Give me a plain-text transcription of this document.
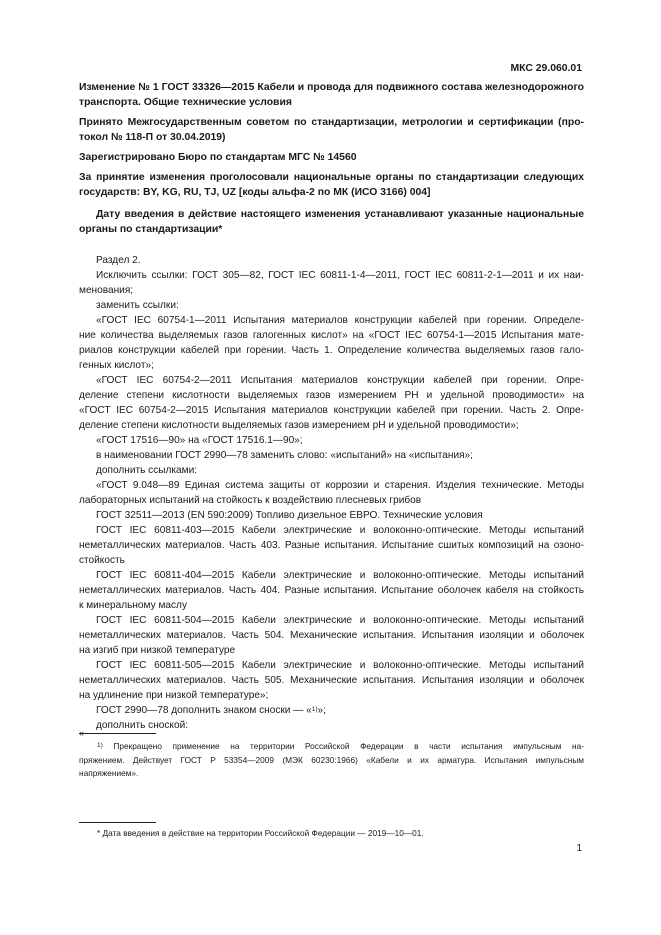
МКС 29.060.01
Изменение № 1 ГОСТ 33326—2015 Кабели и провода для подвижного состава железнодорожного
транспорта. Общие технические условия
Принято Межгосударственным советом по стандартизации, метрологии и сертификации (про-
токол № 118-П от 30.04.2019)
Зарегистрировано Бюро по стандартам МГС № 14560
За принятие изменения проголосовали национальные органы по стандартизации следующих
государств: BY, KG, RU, TJ, UZ [коды альфа-2 по МК (ИСО 3166) 004]
Дату введения в действие настоящего изменения устанавливают указанные национальные
органы по стандартизации*
Раздел 2.
Исключить ссылки: ГОСТ 305—82, ГОСТ IEC 60811-1-4—2011, ГОСТ IEC 60811-2-1—2011 и их наи-
менования;
заменить ссылки:
«ГОСТ IEC 60754-1—2011 Испытания материалов конструкции кабелей при горении. Определе-
ние количества выделяемых газов галогенных кислот» на «ГОСТ IEC 60754-1—2015 Испытания мате-
риалов конструкции кабелей при горении. Часть 1. Определение количества выделяемых газов гало-
генных кислот»;
«ГОСТ IEC 60754-2—2011 Испытания материалов конструкции кабелей при горении. Опре-
деление степени кислотности выделяемых газов измерением PH и удельной проводимости» на
«ГОСТ IEC 60754-2—2015 Испытания материалов конструкции кабелей при горении. Часть 2. Опре-
деление степени кислотности выделяемых газов измерением pH и удельной проводимости»;
«ГОСТ 17516—90» на «ГОСТ 17516.1—90»;
в наименовании ГОСТ 2990—78 заменить слово: «испытаний» на «испытания»;
дополнить ссылками:
«ГОСТ 9.048—89 Единая система защиты от коррозии и старения. Изделия технические. Методы
лабораторных испытаний на стойкость к воздействию плесневых грибов
ГОСТ 32511—2013 (EN 590:2009) Топливо дизельное ЕВРО. Технические условия
ГОСТ IEC 60811-403—2015 Кабели электрические и волоконно-оптические. Методы испытаний
неметаллических материалов. Часть 403. Разные испытания. Испытание сшитых композиций на озоно-
стойкость
ГОСТ IEC 60811-404—2015 Кабели электрические и волоконно-оптические. Методы испытаний
неметаллических материалов. Часть 404. Разные испытания. Испытание оболочек кабеля на стойкость
к минеральному маслу
ГОСТ IEC 60811-504—2015 Кабели электрические и волоконно-оптические. Методы испытаний
неметаллических материалов. Часть 504. Механические испытания. Испытания изоляции и оболочек
на изгиб при низкой температуре
ГОСТ IEC 60811-505—2015 Кабели электрические и волоконно-оптические. Методы испытаний
неметаллических материалов. Часть 505. Механические испытания. Испытания изоляции и оболочек
на удлинение при низкой температуре»;
ГОСТ 2990—78 дополнить знаком сноски — «$^{1)}$»;
дополнить сноской:
«
$^{1)}$ Прекращено применение на территории Российской Федерации в части испытания импульсным на-
пряжением. Действует ГОСТ Р 53354—2009 (МЭК 60230:1966) «Кабели и их арматура. Испытания импульсным
напряжением».
* Дата введения в действие на территории Российской Федерации — 2019—10—01.
1
